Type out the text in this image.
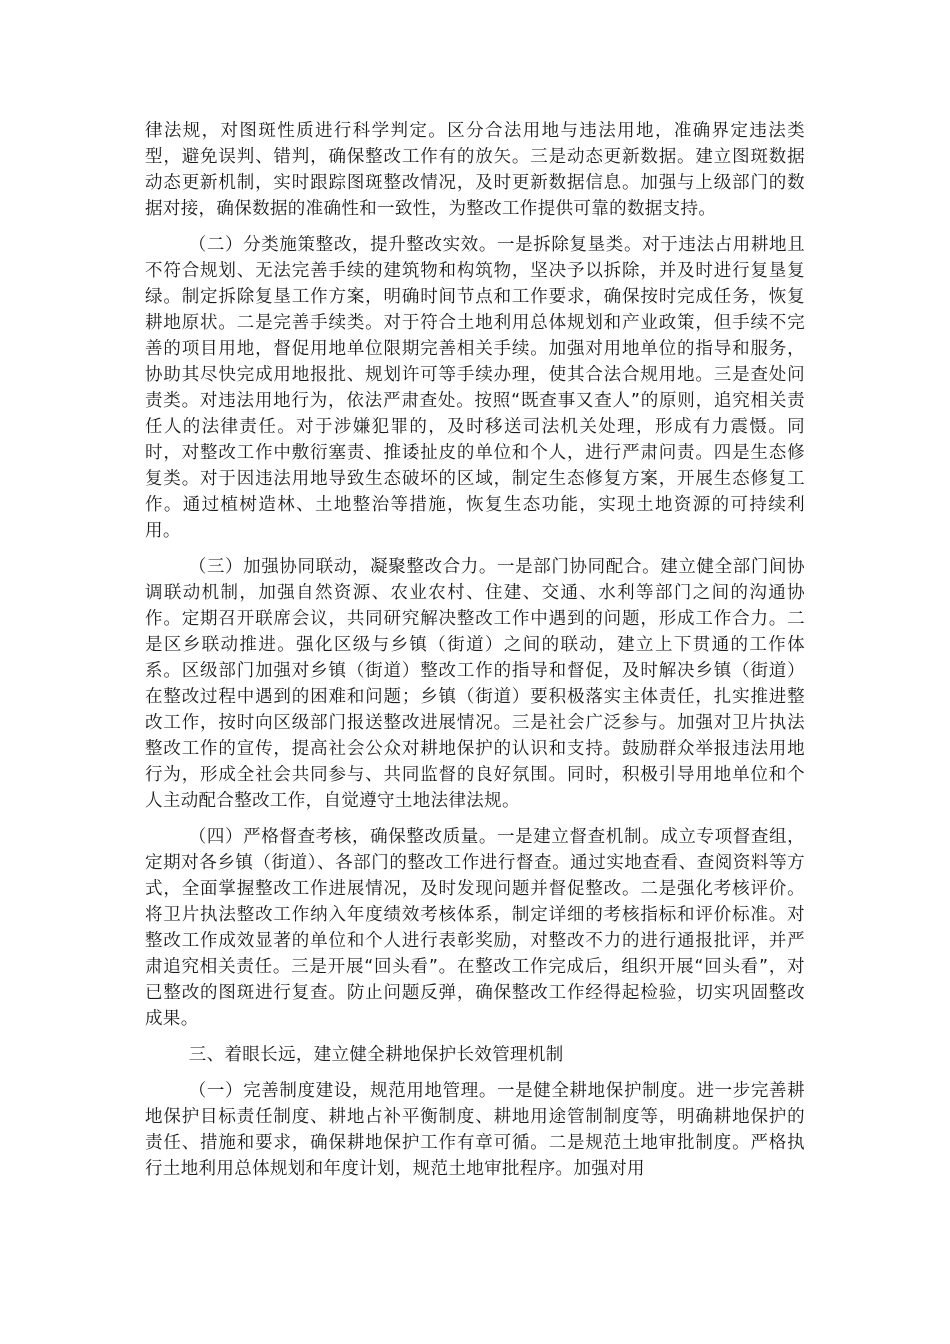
律法规，对图斑性质进行科学判定。区分合法用地与违法用地，准确界定违法类型，避免误判、错判，确保整改工作有的放矢。三是动态更新数据。建立图斑数据动态更新机制，实时跟踪图斑整改情况，及时更新数据信息。加强与上级部门的数据对接，确保数据的准确性和一致性，为整改工作提供可靠的数据支持。

（二）分类施策整改，提升整改实效。一是拆除复垦类。对于违法占用耕地且不符合规划、无法完善手续的建筑物和构筑物，坚决予以拆除，并及时进行复垦复绿。制定拆除复垦工作方案，明确时间节点和工作要求，确保按时完成任务，恢复耕地原状。二是完善手续类。对于符合土地利用总体规划和产业政策，但手续不完善的项目用地，督促用地单位限期完善相关手续。加强对用地单位的指导和服务，协助其尽快完成用地报批、规划许可等手续办理，使其合法合规用地。三是查处问责类。对违法用地行为，依法严肃查处。按照“既查事又查人”的原则，追究相关责任人的法律责任。对于涉嫌犯罪的，及时移送司法机关处理，形成有力震慑。同时，对整改工作中敷衍塞责、推诿扯皮的单位和个人，进行严肃问责。四是生态修复类。对于因违法用地导致生态破坏的区域，制定生态修复方案，开展生态修复工作。通过植树造林、土地整治等措施，恢复生态功能，实现土地资源的可持续利用。

（三）加强协同联动，凝聚整改合力。一是部门协同配合。建立健全部门间协调联动机制，加强自然资源、农业农村、住建、交通、水利等部门之间的沟通协作。定期召开联席会议，共同研究解决整改工作中遇到的问题，形成工作合力。二是区乡联动推进。强化区级与乡镇（街道）之间的联动，建立上下贯通的工作体系。区级部门加强对乡镇（街道）整改工作的指导和督促，及时解决乡镇（街道）在整改过程中遇到的困难和问题；乡镇（街道）要积极落实主体责任，扎实推进整改工作，按时向区级部门报送整改进展情况。三是社会广泛参与。加强对卫片执法整改工作的宣传，提高社会公众对耕地保护的认识和支持。鼓励群众举报违法用地行为，形成全社会共同参与、共同监督的良好氛围。同时，积极引导用地单位和个人主动配合整改工作，自觉遵守土地法律法规。

（四）严格督查考核，确保整改质量。一是建立督查机制。成立专项督查组，定期对各乡镇（街道）、各部门的整改工作进行督查。通过实地查看、查阅资料等方式，全面掌握整改工作进展情况，及时发现问题并督促整改。二是强化考核评价。将卫片执法整改工作纳入年度绩效考核体系，制定详细的考核指标和评价标准。对整改工作成效显著的单位和个人进行表彰奖励，对整改不力的进行通报批评，并严肃追究相关责任。三是开展“回头看”。在整改工作完成后，组织开展“回头看”，对已整改的图斑进行复查。防止问题反弹，确保整改工作经得起检验，切实巩固整改成果。

三、着眼长远，建立健全耕地保护长效管理机制

（一）完善制度建设，规范用地管理。一是健全耕地保护制度。进一步完善耕地保护目标责任制度、耕地占补平衡制度、耕地用途管制制度等，明确耕地保护的责任、措施和要求，确保耕地保护工作有章可循。二是规范土地审批制度。严格执行土地利用总体规划和年度计划，规范土地审批程序。加强对用
